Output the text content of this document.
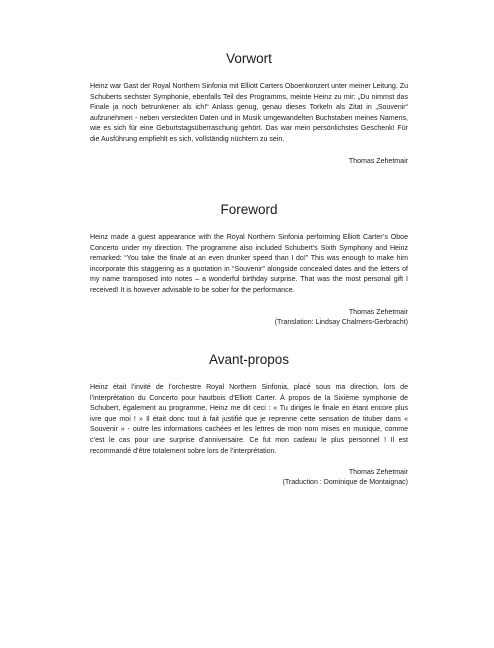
Vorwort

Heinz war Gast der Royal Northern Sinfonia mit Elliott Carters Oboenkonzert unter meiner Leitung. Zu Schuberts sechster Symphonie, ebenfalls Teil des Programms, meinte Heinz zu mir: „Du nimmst das Finale ja noch betrunkener als ich!“ Anlass genug, genau dieses Torkeln als Zitat in „Souvenir“ aufzunehmen - neben versteckten Daten und in Musik umgewandelten Buchstaben meines Namens, wie es sich für eine Geburtstagsüberraschung gehört. Das war mein persönlichstes Geschenk! Für die Ausführung empfiehlt es sich, vollständig nüchtern zu sein.

Thomas Zehetmair
Foreword

Heinz made a guest appearance with the Royal Northern Sinfonia performing Elliott Carter’s Oboe Concerto under my direction. The programme also included Schubert’s Sixth Symphony and Heinz remarked: “You take the finale at an even drunker speed than I do!” This was enough to make him incorporate this staggering as a quotation in “Souvenir” alongside concealed dates and the letters of my name transposed into notes – a wonderful birthday surprise. That was the most personal gift I received! It is however advisable to be sober for the performance.

Thomas Zehetmair
(Translation: Lindsay Chalmers-Gerbracht)
Avant-propos

Heinz était l’invité de l’orchestre Royal Northern Sinfonia, placé sous ma direction, lors de l’interprétation du Concerto pour hautbois d’Elliott Carter. À propos de la Sixième symphonie de Schubert, également au programme, Heinz me dit ceci : « Tu diriges le finale en étant encore plus ivre que moi ! » Il était donc tout à fait justifié que je reprenne cette sensation de tituber dans « Souvenir » - outre les informations cachées et les lettres de mon nom mises en musique, comme c’est le cas pour une surprise d’anniversaire. Ce fut mon cadeau le plus personnel ! Il est recommandé d’être totalement sobre lors de l’interprétation.

Thomas Zehetmair
(Traduction : Dominique de Montaignac)
